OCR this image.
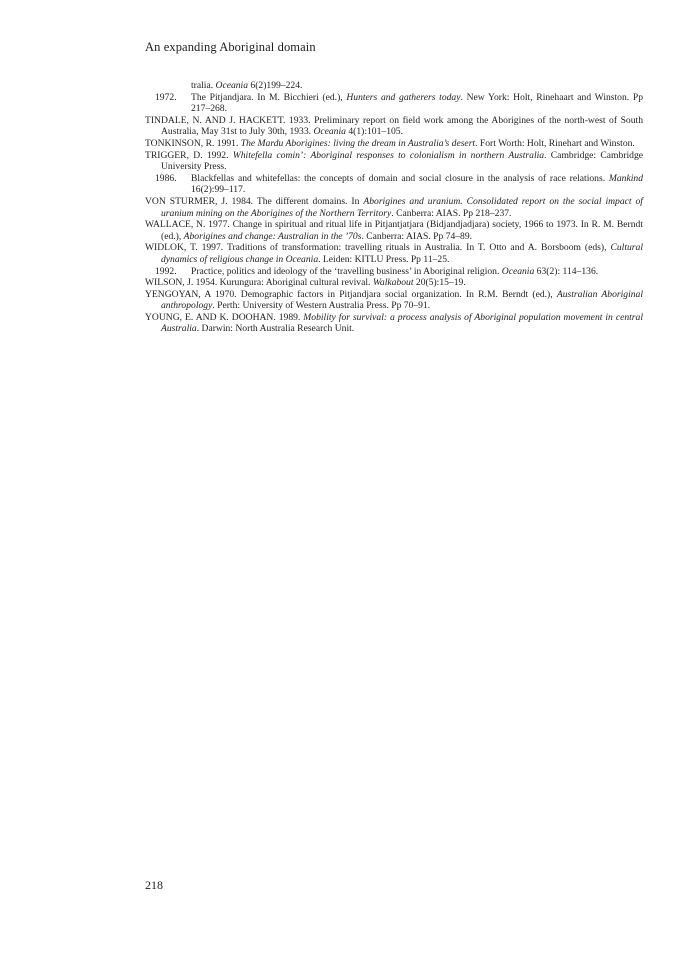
An expanding Aboriginal domain
tralia. Oceania 6(2)199–224.
1972. The Pitjandjara. In M. Bicchieri (ed.), Hunters and gatherers today. New York: Holt, Rinehaart and Winston. Pp 217–268.
TINDALE, N. AND J. HACKETT. 1933. Preliminary report on field work among the Aborigines of the north-west of South Australia, May 31st to July 30th, 1933. Oceania 4(1):101–105.
TONKINSON, R. 1991. The Mardu Aborigines: living the dream in Australia’s desert. Fort Worth: Holt, Rinehart and Winston.
TRIGGER, D. 1992. Whitefella comin’: Aboriginal responses to colonialism in northern Australia. Cambridge: Cambridge University Press.
1986. Blackfellas and whitefellas: the concepts of domain and social closure in the analysis of race relations. Mankind 16(2):99–117.
VON STURMER, J. 1984. The different domains. In Aborigines and uranium. Consolidated report on the social impact of uranium mining on the Aborigines of the Northern Territory. Canberra: AIAS. Pp 218–237.
WALLACE, N. 1977. Change in spiritual and ritual life in Pitjantjatjara (Bidjandjadjara) society, 1966 to 1973. In R. M. Berndt (ed.), Aborigines and change: Australian in the ’70s. Canberra: AIAS. Pp 74–89.
WIDLOK, T. 1997. Traditions of transformation: travelling rituals in Australia. In T. Otto and A. Borsboom (eds), Cultural dynamics of religious change in Oceania. Leiden: KITLU Press. Pp 11–25.
1992. Practice, politics and ideology of the ‘travelling business’ in Aboriginal religion. Oceania 63(2): 114–136.
WILSON, J. 1954. Kurungura: Aboriginal cultural revival. Walkabout 20(5):15–19.
YENGOYAN, A 1970. Demographic factors in Pitjandjara social organization. In R.M. Berndt (ed.), Australian Aboriginal anthropology. Perth: University of Western Australia Press. Pp 70–91.
YOUNG, E. AND K. DOOHAN. 1989. Mobility for survival: a process analysis of Aboriginal population movement in central Australia. Darwin: North Australia Research Unit.
218
